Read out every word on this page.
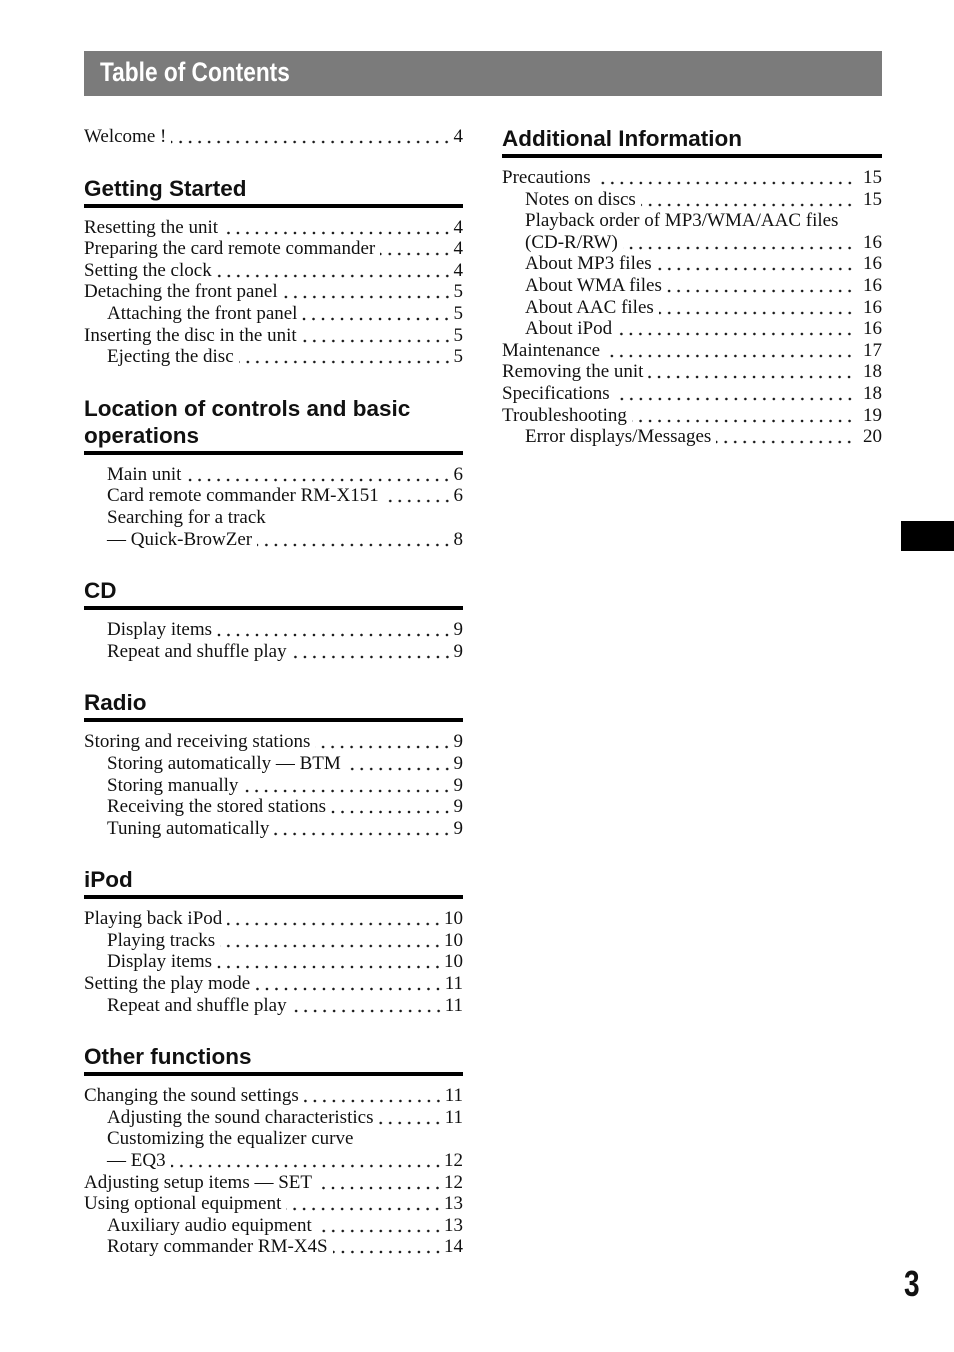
Table of Contents
Welcome !	4
Getting Started
Resetting the unit	4
Preparing the card remote commander	4
Setting the clock	4
Detaching the front panel	5
Attaching the front panel	5
Inserting the disc in the unit	5
Ejecting the disc	5
Location of controls and basic operations
Main unit	6
Card remote commander RM-X151	6
Searching for a track
— Quick-BrowZer	8
CD
Display items	9
Repeat and shuffle play	9
Radio
Storing and receiving stations	9
Storing automatically — BTM	9
Storing manually	9
Receiving the stored stations	9
Tuning automatically	9
iPod
Playing back iPod	10
Playing tracks	10
Display items	10
Setting the play mode	11
Repeat and shuffle play	11
Other functions
Changing the sound settings	11
Adjusting the sound characteristics	11
Customizing the equalizer curve
— EQ3	12
Adjusting setup items — SET	12
Using optional equipment	13
Auxiliary audio equipment	13
Rotary commander RM-X4S	14
Additional Information
Precautions	15
Notes on discs	15
Playback order of MP3/WMA/AAC files
(CD-R/RW)	16
About MP3 files	16
About WMA files	16
About AAC files	16
About iPod	16
Maintenance	17
Removing the unit	18
Specifications	18
Troubleshooting	19
Error displays/Messages	20
3
